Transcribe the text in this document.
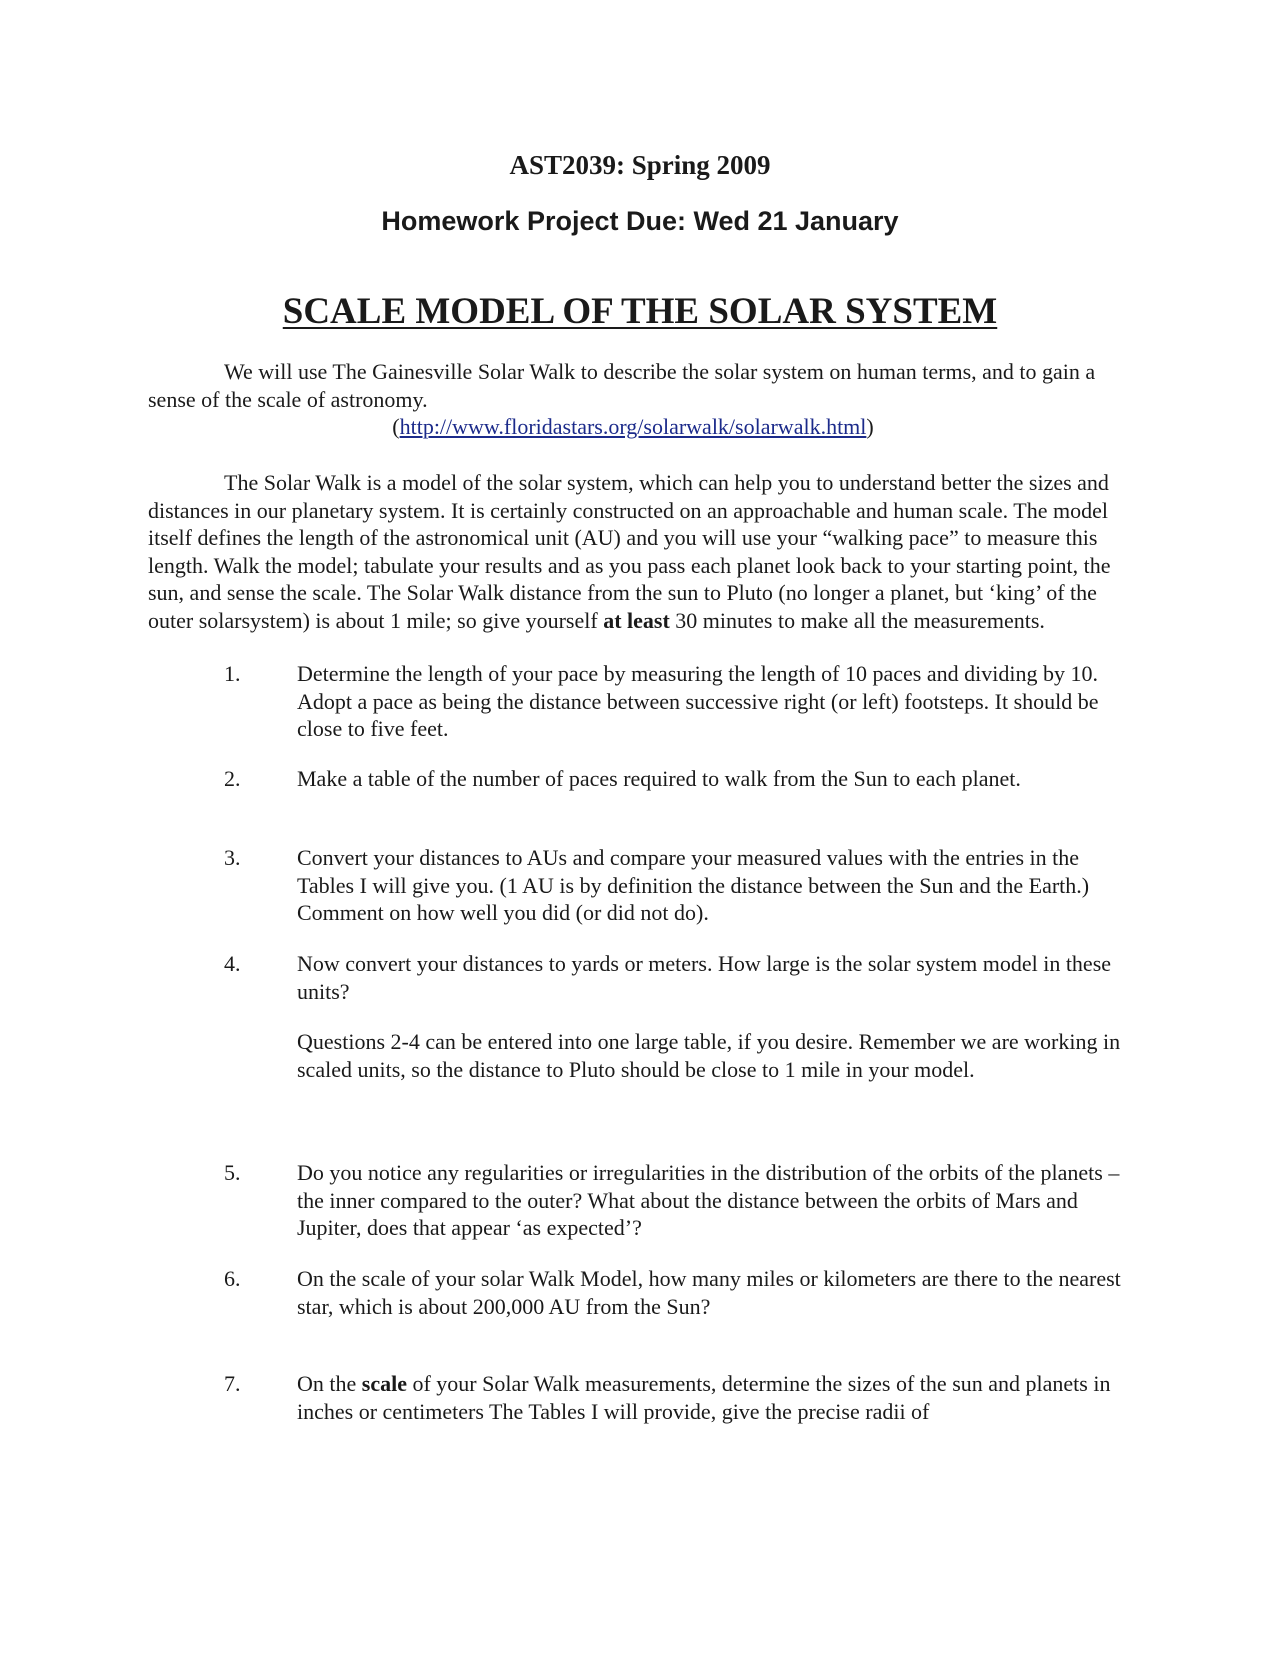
AST2039: Spring 2009
Homework Project Due: Wed 21 January
SCALE MODEL OF THE SOLAR SYSTEM
We will use The Gainesville Solar Walk to describe the solar system on human terms, and to gain a sense of the scale of astronomy.
(http://www.floridastars.org/solarwalk/solarwalk.html)
The Solar Walk is a model of the solar system, which can help you to understand better the sizes and distances in our planetary system. It is certainly constructed on an approachable and human scale. The model itself defines the length of the astronomical unit (AU) and you will use your “walking pace” to measure this length. Walk the model; tabulate your results and as you pass each planet look back to your starting point, the sun, and sense the scale. The Solar Walk distance from the sun to Pluto (no longer a planet, but ‘king’ of the outer solarsystem) is about 1 mile; so give yourself at least 30 minutes to make all the measurements.
1.	Determine the length of your pace by measuring the length of 10 paces and dividing by 10. Adopt a pace as being the distance between successive right (or left) footsteps. It should be close to five feet.
2.	Make a table of the number of paces required to walk from the Sun to each planet.
3.	Convert your distances to AUs and compare your measured values with the entries in the Tables I will give you. (1 AU is by definition the distance between the Sun and the Earth.) Comment on how well you did (or did not do).
4.	Now convert your distances to yards or meters. How large is the solar system model in these units?
Questions 2-4 can be entered into one large table, if you desire. Remember we are working in scaled units, so the distance to Pluto should be close to 1 mile in your model.
5.	Do you notice any regularities or irregularities in the distribution of the orbits of the planets – the inner compared to the outer? What about the distance between the orbits of Mars and Jupiter, does that appear ‘as expected’?
6.	On the scale of your solar Walk Model, how many miles or kilometers are there to the nearest star, which is about 200,000 AU from the Sun?
7.	On the scale of your Solar Walk measurements, determine the sizes of the sun and planets in inches or centimeters The Tables I will provide, give the precise radii of
